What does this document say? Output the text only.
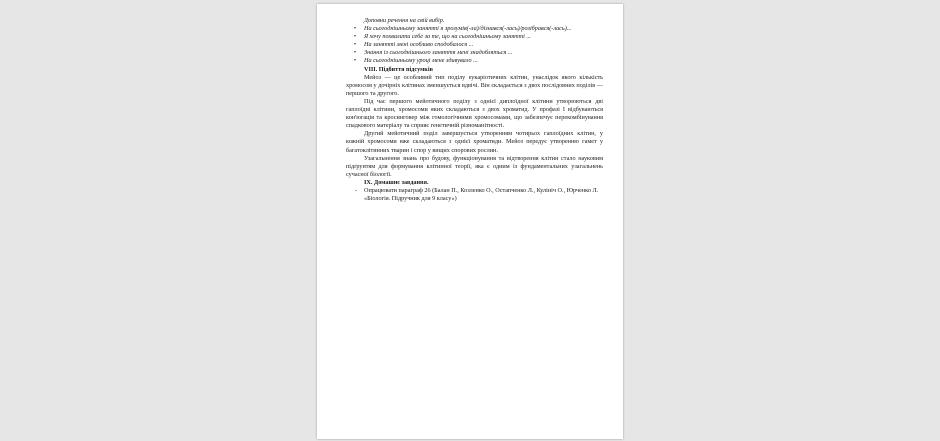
Доповни речення на свій вибір.

•	На сьогоднішньому занятті я зрозумів(-ла)/дізнався(-лась)/розібрався(-лась)...

•	Я хочу похвалити себе за те, що на сьогоднішньому занятті ...

•	На занятті мені особливо сподобалося ...

•	Знання із сьогоднішнього заняття мені знадобляться ...

•	На сьогоднішньому уроці мене здивувало ...

VIII. Підбиття підсумків

Мейоз — це особливий тип поділу еукаріотичних клітин, унаслідок якого кількість хромосом у дочірніх клітинах зменшується вдвічі. Він складається з двох послідовних поділів — першого та другого.

Під час першого мейотичного поділу з однієї диплоїдної клітини утворюються дві гаплоїдні клітини, хромосоми яких складаються з двох хроматид. У профазі I відбуваються кон'югація та кросинговер між гомологічними хромосомами, що забезпечує перекомбінування спадкового матеріалу та сприяє генетичній різноманітності.

Другий мейотичний поділ завершується утворенням чотирьох гаплоїдних клітин, у кожній хромосоми вже складаються з однієї хроматиди. Мейоз передує утворенню гамет у багатоклітинних тварин і спор у вищих спорових рослин.

Узагальнення знань про будову, функціонування та відтворення клітин стало науковим підґрунтям для формування клітинної теорії, яка є одним із фундаментальних узагальнень сучасної біології.

IX. Домашнє завдання.

- Опрацювати параграф 26 (Балан П., Козленко О., Остапченко Л., Кулініч О., Юрченко Л. «Біологія. Підручник для 9 класу»)
